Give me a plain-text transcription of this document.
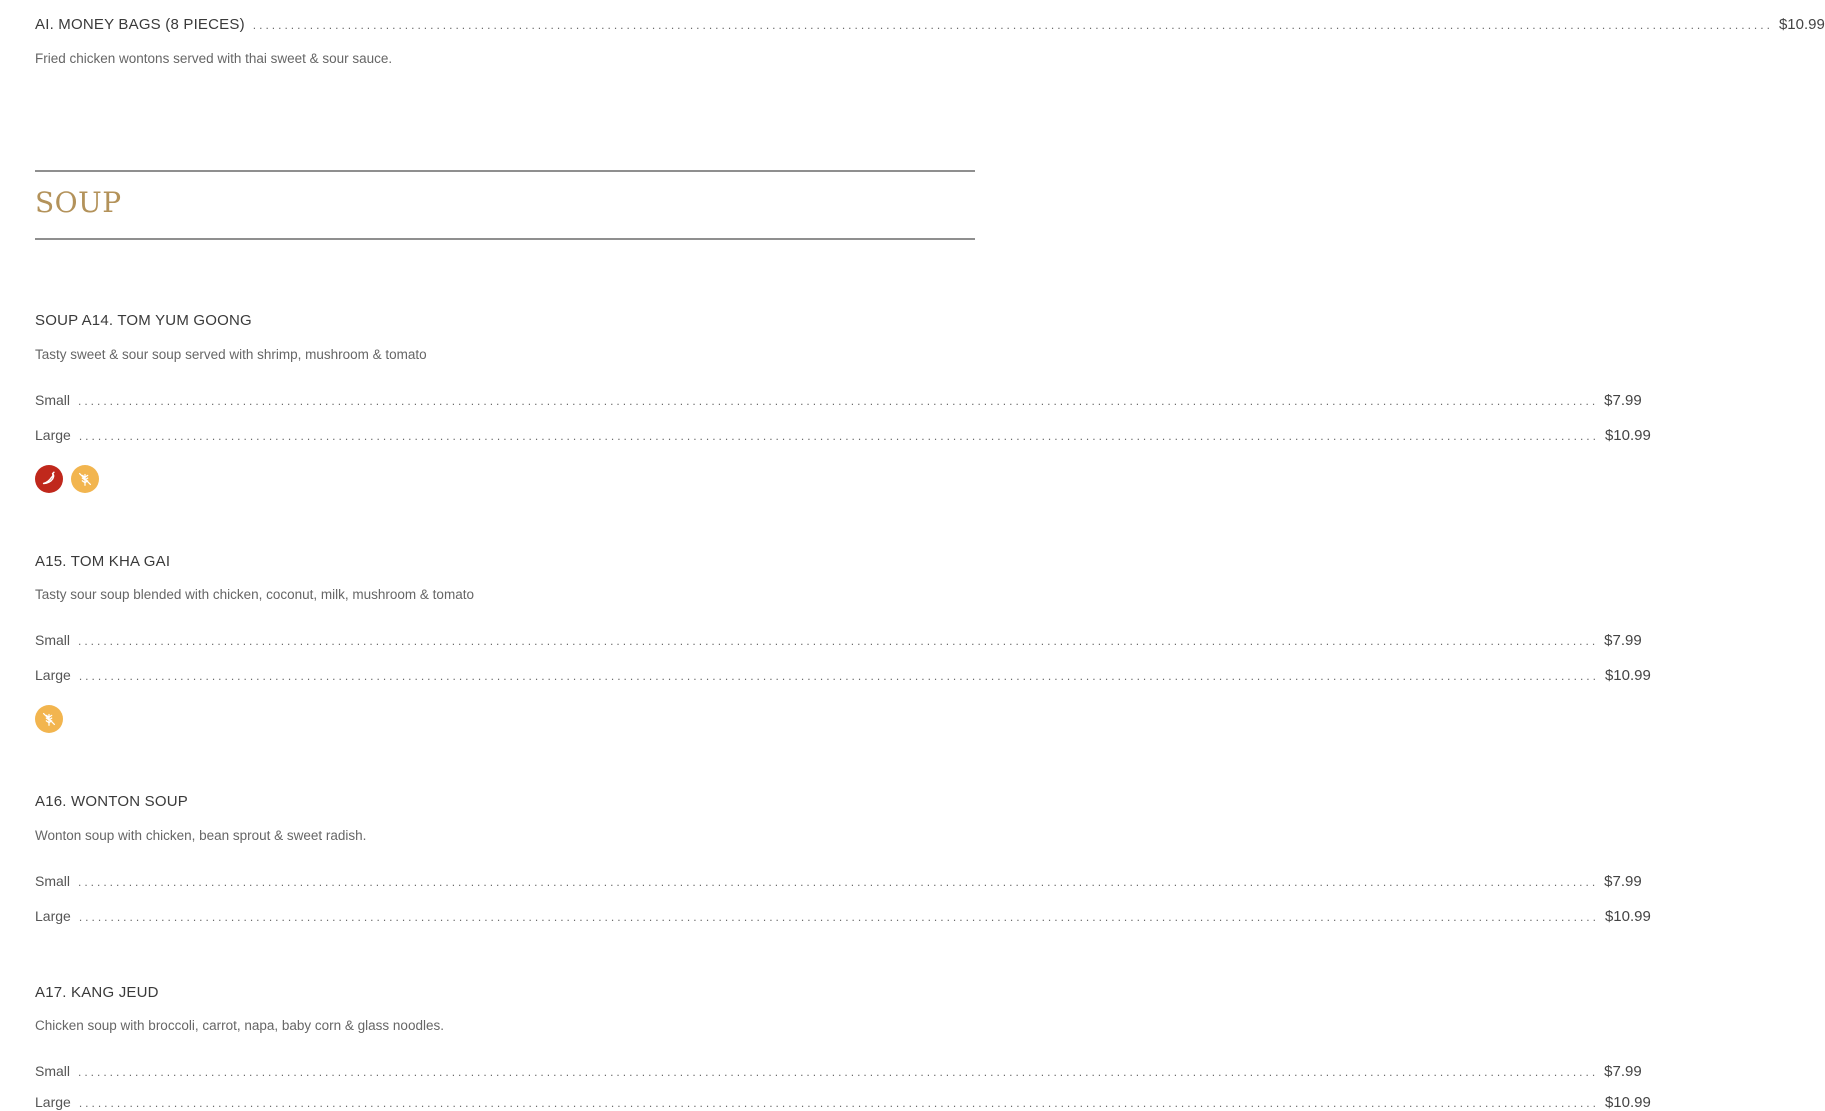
AI. MONEY BAGS (8 PIECES) ................................................................................................................................................................................................................................................ $10.99
Fried chicken wontons served with thai sweet & sour sauce.
SOUP
SOUP A14. TOM YUM GOONG
Tasty sweet & sour soup served with shrimp, mushroom & tomato
Small ................................................................................................................................................................................................................................................ $7.99
Large ................................................................................................................................................................................................................................................ $10.99
A15. TOM KHA GAI
Tasty sour soup blended with chicken, coconut, milk, mushroom & tomato
Small ................................................................................................................................................................................................................................................ $7.99
Large ................................................................................................................................................................................................................................................ $10.99
A16. WONTON SOUP
Wonton soup with chicken, bean sprout & sweet radish.
Small ................................................................................................................................................................................................................................................ $7.99
Large ................................................................................................................................................................................................................................................ $10.99
A17. KANG JEUD
Chicken soup with broccoli, carrot, napa, baby corn & glass noodles.
Small ................................................................................................................................................................................................................................................ $7.99
Large ................................................................................................................................................................................................................................................ $10.99
